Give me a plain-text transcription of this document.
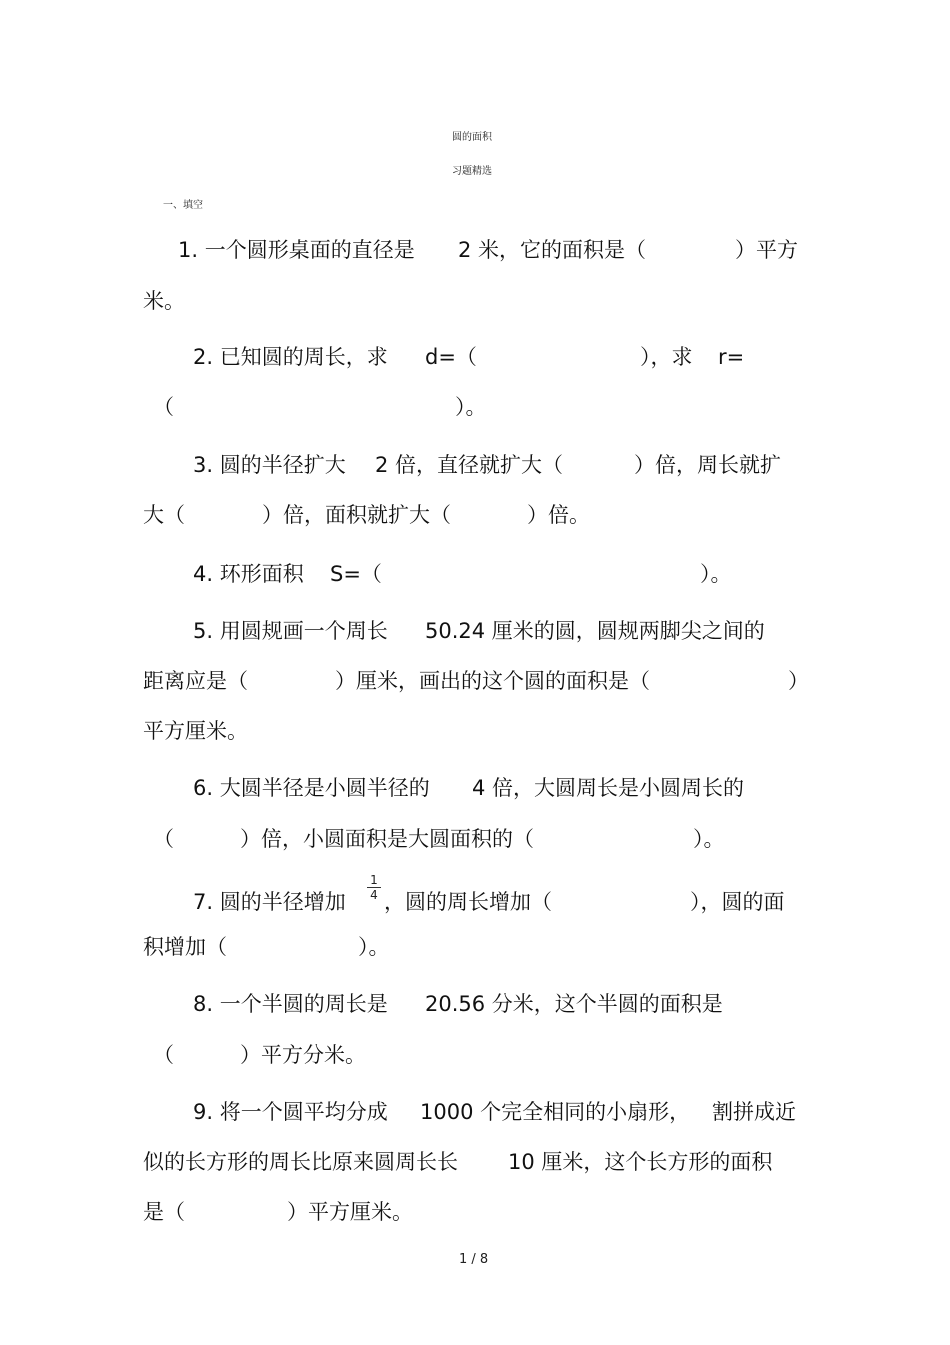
圆的面积
习题精选
一、填空
1. 一个圆形桌面的直径是 2 米，它的面积是（	）平方
米。
2. 已知圆的周长，求 d=（	），求 r=
（	）。
3. 圆的半径扩大 2 倍，直径就扩大（	）倍，周长就扩
大（	）倍，面积就扩大（	）倍。
4. 环形面积 S=（	）。
5. 用圆规画一个周长 50.24 厘米的圆，圆规两脚尖之间的
距离应是（	）厘米，画出的这个圆的面积是（	）
平方厘米。
6. 大圆半径是小圆半径的 4 倍，大圆周长是小圆周长的
（	）倍，小圆面积是大圆面积的（	）。
7. 圆的半径增加
1
4 ，圆的周长增加（	），圆的面
积增加（	）。
8. 一个半圆的周长是 20.56 分米，这个半圆的面积是
（	）平方分米。
9. 将一个圆平均分成 1000 个完全相同的小扇形， 割拼成近
似的长方形的周长比原来圆周长长 10 厘米，这个长方形的面积
是（	）平方厘米。
1 / 8
